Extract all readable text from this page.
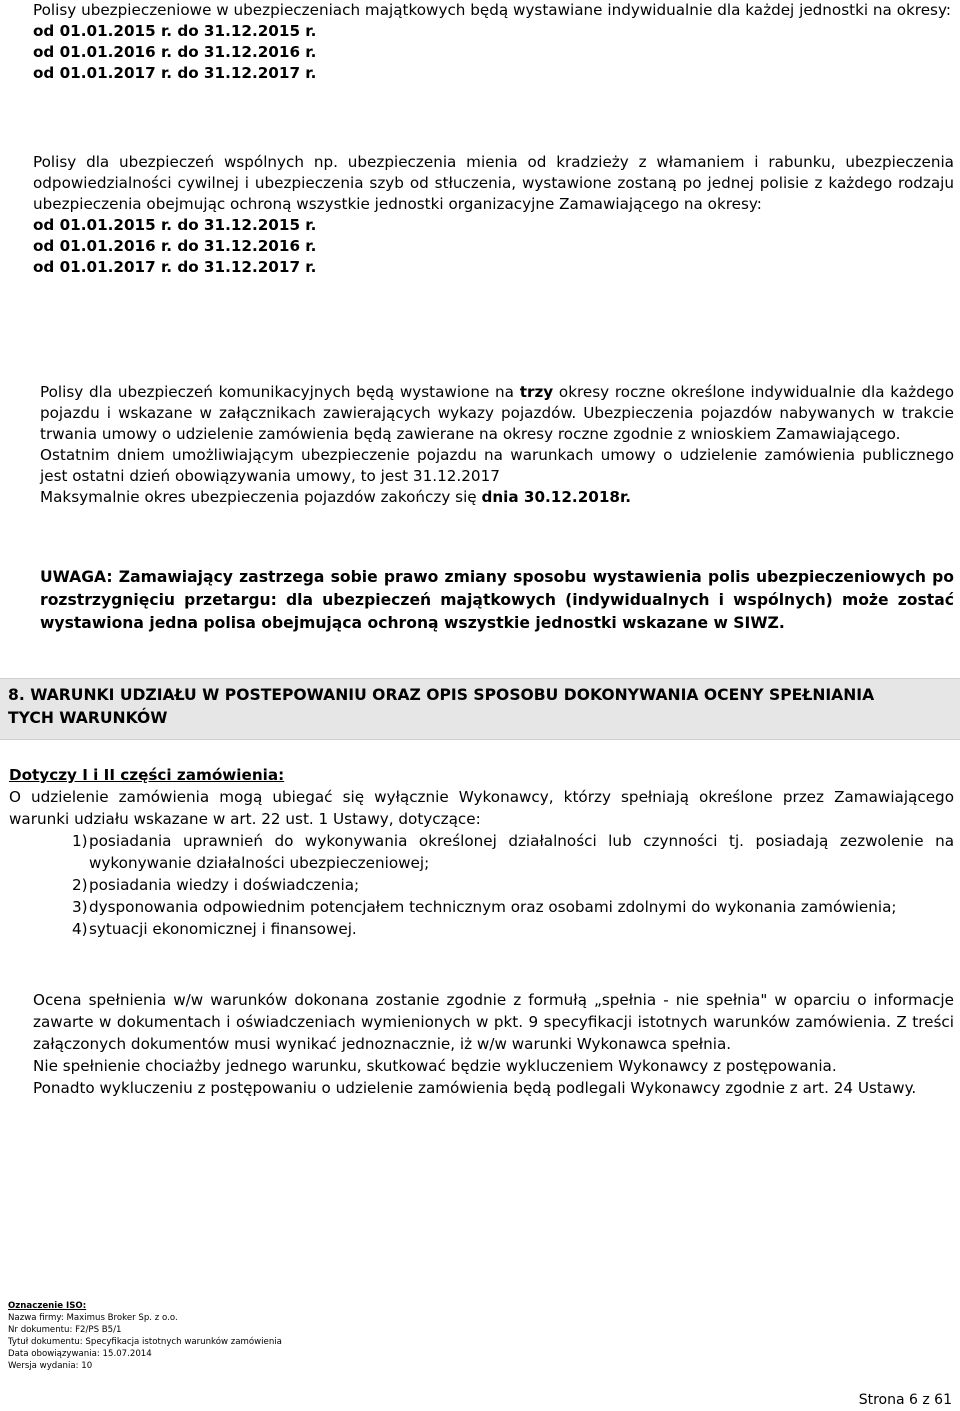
Polisy ubezpieczeniowe w ubezpieczeniach majątkowych będą wystawiane indywidualnie dla każdej jednostki na okresy:
od 01.01.2015 r. do 31.12.2015 r.
od 01.01.2016 r. do 31.12.2016 r.
od 01.01.2017 r. do 31.12.2017 r.
Polisy dla ubezpieczeń wspólnych np. ubezpieczenia mienia od kradzieży z włamaniem i rabunku, ubezpieczenia odpowiedzialności cywilnej i ubezpieczenia szyb od stłuczenia, wystawione zostaną po jednej polisie z każdego rodzaju ubezpieczenia obejmując ochroną wszystkie jednostki organizacyjne Zamawiającego na okresy:
od 01.01.2015 r. do 31.12.2015 r.
od 01.01.2016 r. do 31.12.2016 r.
od 01.01.2017 r. do 31.12.2017 r.
Polisy dla ubezpieczeń komunikacyjnych będą wystawione na trzy okresy roczne określone indywidualnie dla każdego pojazdu i wskazane w załącznikach zawierających wykazy pojazdów. Ubezpieczenia pojazdów nabywanych w trakcie trwania umowy o udzielenie zamówienia będą zawierane na okresy roczne zgodnie z wnioskiem Zamawiającego.
Ostatnim dniem umożliwiającym ubezpieczenie pojazdu na warunkach umowy o udzielenie zamówienia publicznego jest ostatni dzień obowiązywania umowy, to jest 31.12.2017
Maksymalnie okres ubezpieczenia pojazdów zakończy się dnia 30.12.2018r.
UWAGA: Zamawiający zastrzega sobie prawo zmiany sposobu wystawienia polis ubezpieczeniowych po rozstrzygnięciu przetargu: dla ubezpieczeń majątkowych (indywidualnych i wspólnych) może zostać wystawiona jedna polisa obejmująca ochroną wszystkie jednostki wskazane w SIWZ.
8. WARUNKI UDZIAŁU W POSTEPOWANIU ORAZ OPIS SPOSOBU DOKONYWANIA OCENY SPEŁNIANIA TYCH WARUNKÓW
Dotyczy I i II części zamówienia:
O udzielenie zamówienia mogą ubiegać się wyłącznie Wykonawcy, którzy spełniają określone przez Zamawiającego warunki udziału wskazane w art. 22 ust. 1 Ustawy, dotyczące:
1) posiadania uprawnień do wykonywania określonej działalności lub czynności tj. posiadają zezwolenie na wykonywanie działalności ubezpieczeniowej;
2) posiadania wiedzy i doświadczenia;
3) dysponowania odpowiednim potencjałem technicznym oraz osobami zdolnymi do wykonania zamówienia;
4) sytuacji ekonomicznej i finansowej.
Ocena spełnienia w/w warunków dokonana zostanie zgodnie z formułą „spełnia - nie spełnia" w oparciu o informacje zawarte w dokumentach i oświadczeniach wymienionych w pkt. 9 specyfikacji istotnych warunków zamówienia. Z treści załączonych dokumentów musi wynikać jednoznacznie, iż w/w warunki Wykonawca spełnia.
Nie spełnienie chociażby jednego warunku, skutkować będzie wykluczeniem Wykonawcy z postępowania.
Ponadto wykluczeniu z postępowaniu o udzielenie zamówienia będą podlegali Wykonawcy zgodnie z art. 24 Ustawy.
Oznaczenie ISO:
Nazwa firmy: Maximus Broker Sp. z o.o.
Nr dokumentu: F2/PS B5/1
Tytuł dokumentu: Specyfikacja istotnych warunków zamówienia
Data obowiązywania: 15.07.2014
Wersja wydania: 10
Strona 6 z 61
